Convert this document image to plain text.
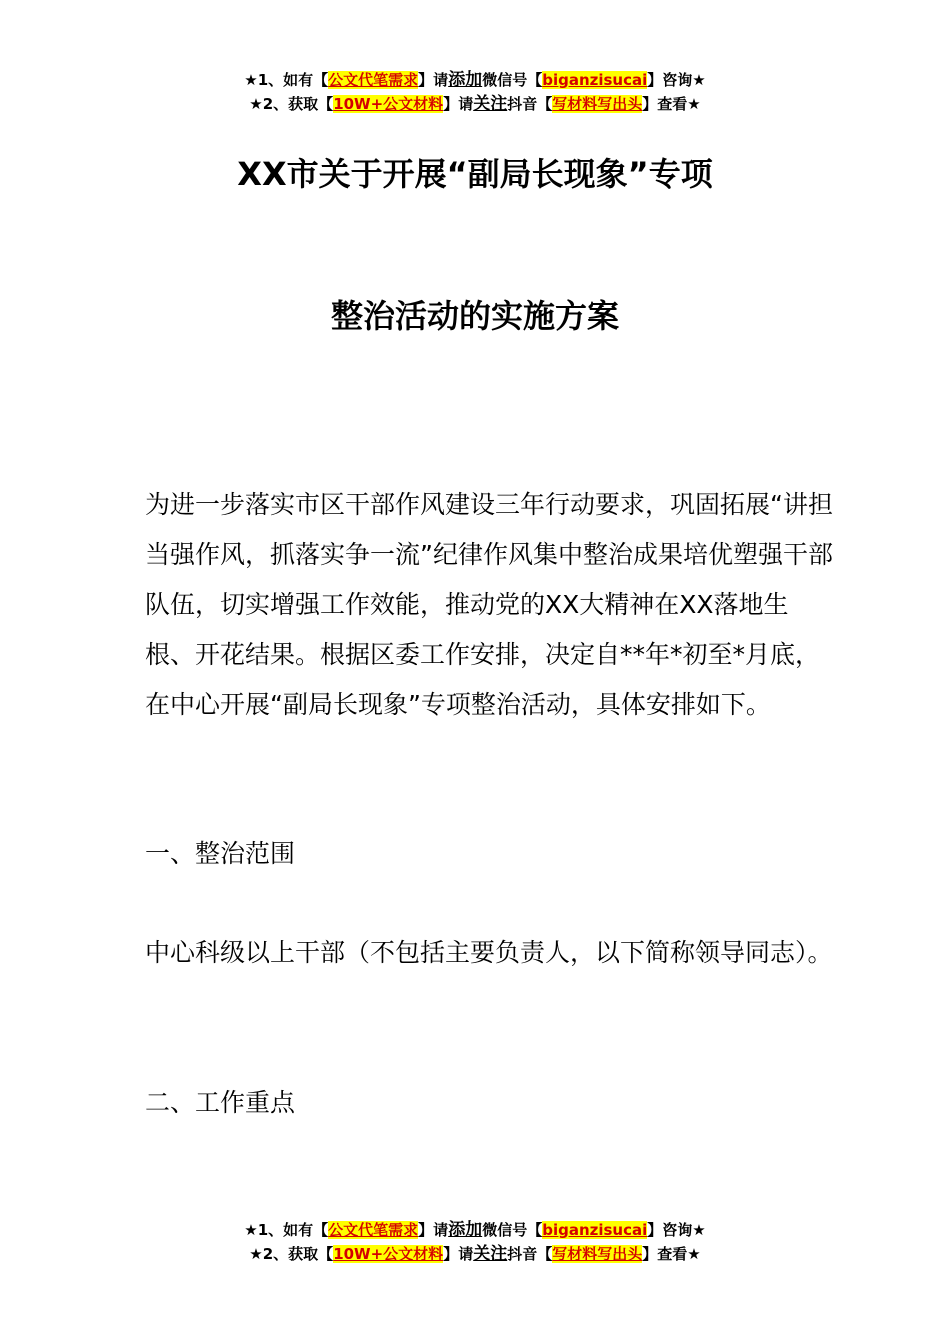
★1、如有【公文代笔需求】请添加微信号【biganzisucai】咨询★
★2、获取【10W+公文材料】请关注抖音【写材料写出头】查看★
XX市关于开展“副局长现象”专项
整治活动的实施方案
为进一步落实市区干部作风建设三年行动要求，巩固拓展“讲担当强作风，抓落实争一流”纪律作风集中整治成果培优塑强干部队伍，切实增强工作效能，推动党的XX大精神在XX落地生根、开花结果。根据区委工作安排，决定自**年*初至*月底，在中心开展“副局长现象”专项整治活动，具体安排如下。
一、整治范围
中心科级以上干部（不包括主要负责人，以下简称领导同志）。
二、工作重点
★1、如有【公文代笔需求】请添加微信号【biganzisucai】咨询★
★2、获取【10W+公文材料】请关注抖音【写材料写出头】查看★
